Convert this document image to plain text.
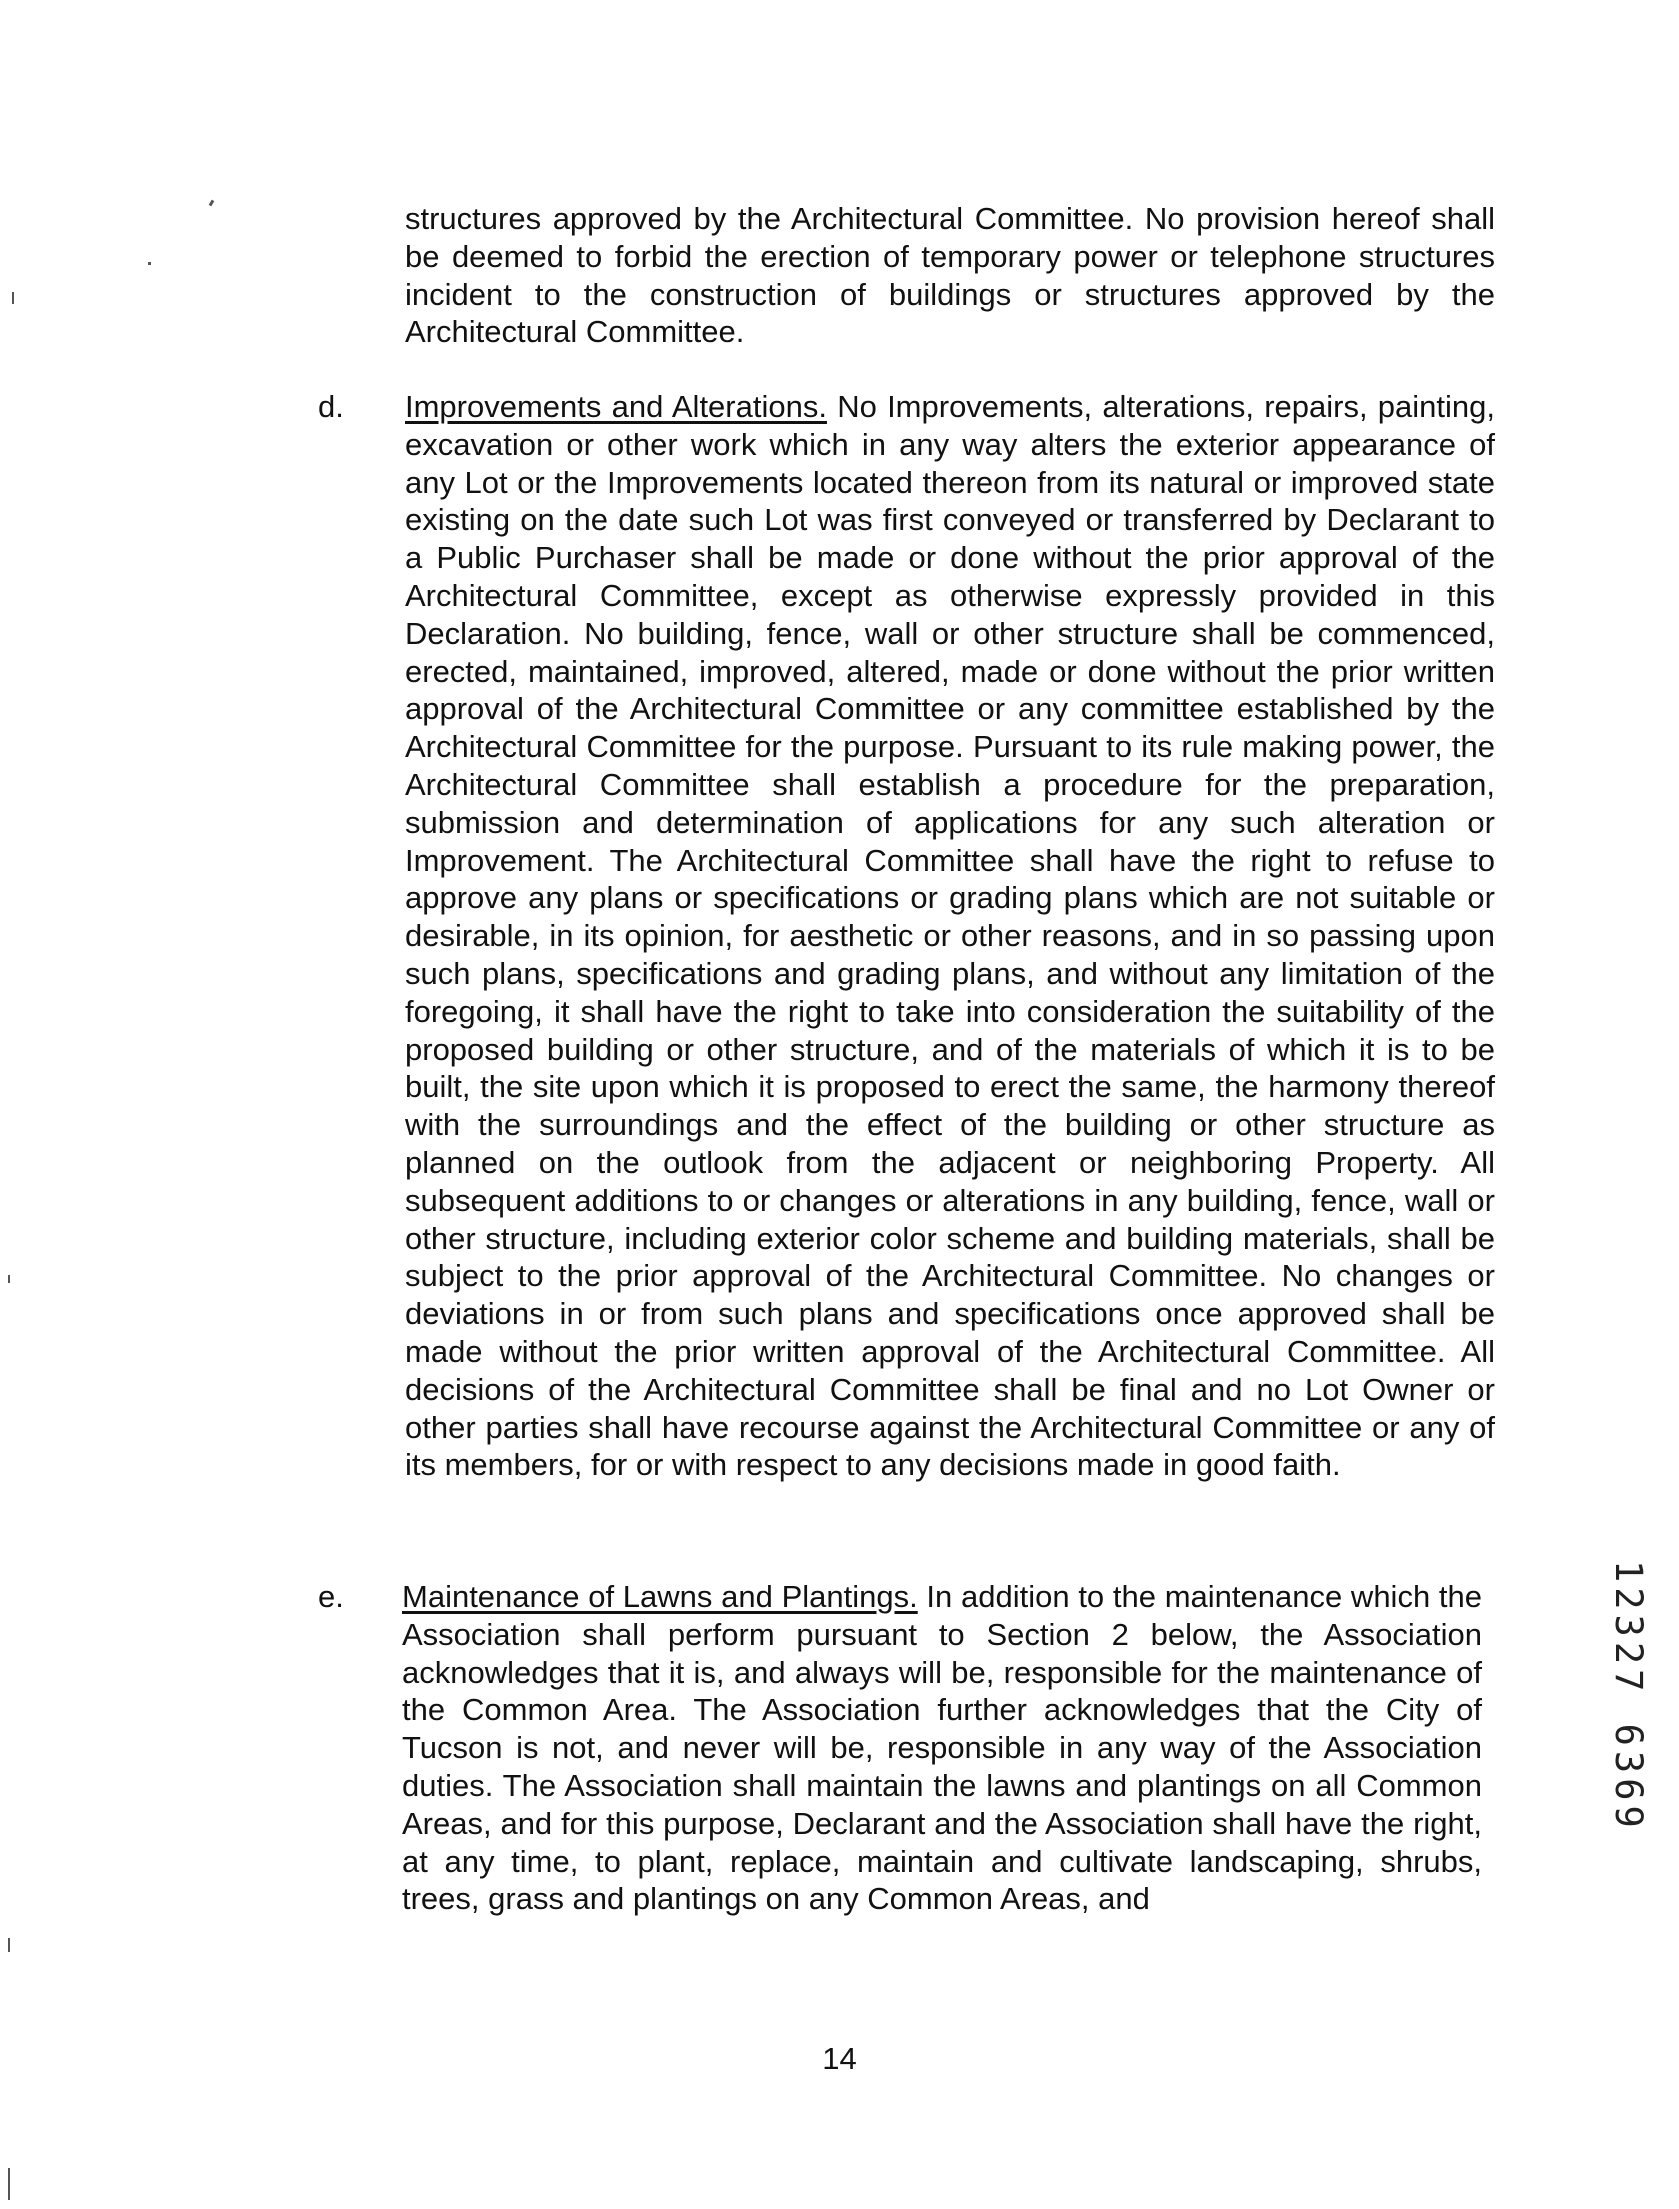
structures approved by the Architectural Committee. No provision hereof shall be deemed to forbid the erection of temporary power or telephone structures incident to the construction of buildings or structures approved by the Architectural Committee.

d. Improvements and Alterations. No Improvements, alterations, repairs, painting, excavation or other work which in any way alters the exterior appearance of any Lot or the Improvements located thereon from its natural or improved state existing on the date such Lot was first conveyed or transferred by Declarant to a Public Purchaser shall be made or done without the prior approval of the Architectural Committee, except as otherwise expressly provided in this Declaration. No building, fence, wall or other structure shall be commenced, erected, maintained, improved, altered, made or done without the prior written approval of the Architectural Committee or any committee established by the Architectural Committee for the purpose. Pursuant to its rule making power, the Architectural Committee shall establish a procedure for the preparation, submission and determination of applications for any such alteration or Improvement. The Architectural Committee shall have the right to refuse to approve any plans or specifications or grading plans which are not suitable or desirable, in its opinion, for aesthetic or other reasons, and in so passing upon such plans, specifications and grading plans, and without any limitation of the foregoing, it shall have the right to take into consideration the suitability of the proposed building or other structure, and of the materials of which it is to be built, the site upon which it is proposed to erect the same, the harmony thereof with the surroundings and the effect of the building or other structure as planned on the outlook from the adjacent or neighboring Property. All subsequent additions to or changes or alterations in any building, fence, wall or other structure, including exterior color scheme and building materials, shall be subject to the prior approval of the Architectural Committee. No changes or deviations in or from such plans and specifications once approved shall be made without the prior written approval of the Architectural Committee. All decisions of the Architectural Committee shall be final and no Lot Owner or other parties shall have recourse against the Architectural Committee or any of its members, for or with respect to any decisions made in good faith.

e. Maintenance of Lawns and Plantings. In addition to the maintenance which the Association shall perform pursuant to Section 2 below, the Association acknowledges that it is, and always will be, responsible for the maintenance of the Common Area. The Association further acknowledges that the City of Tucson is not, and never will be, responsible in any way of the Association duties. The Association shall maintain the lawns and plantings on all Common Areas, and for this purpose, Declarant and the Association shall have the right, at any time, to plant, replace, maintain and cultivate landscaping, shrubs, trees, grass and plantings on any Common Areas, and

14
12327 6369
